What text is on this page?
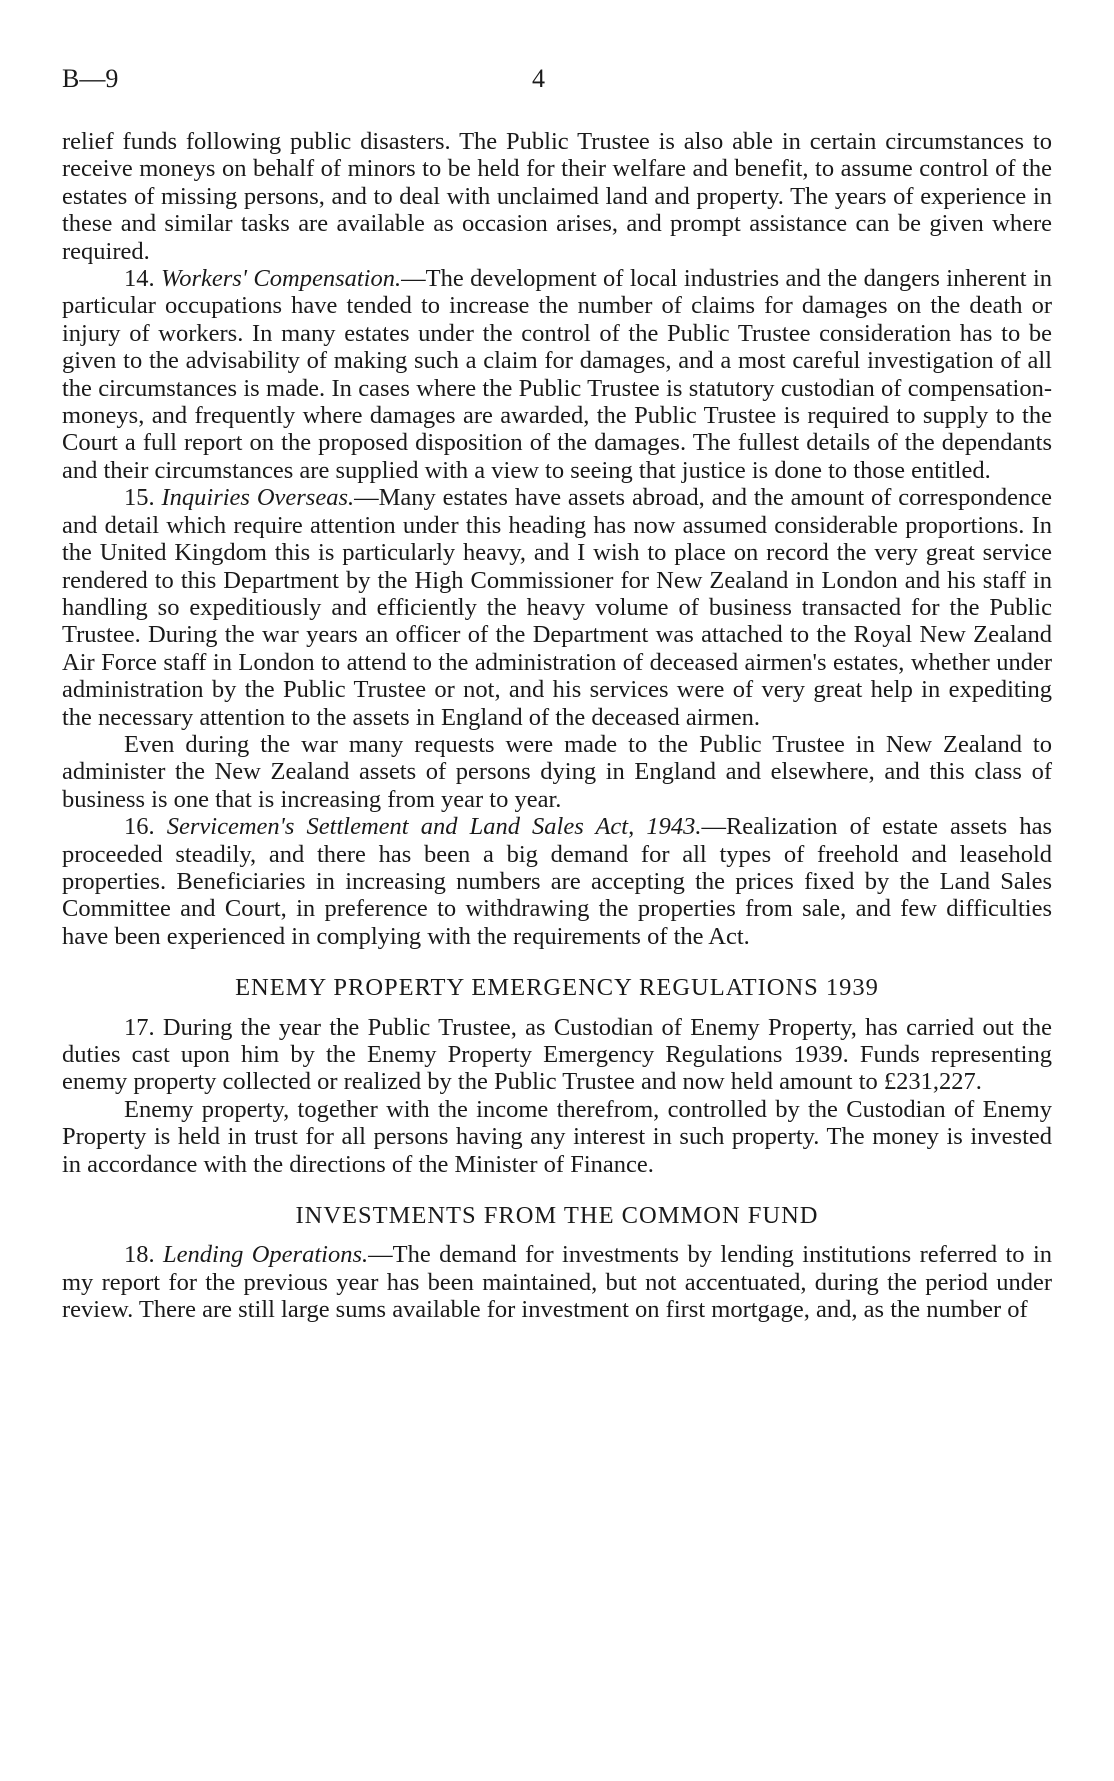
B—9	4

relief funds following public disasters. The Public Trustee is also able in certain circumstances to receive moneys on behalf of minors to be held for their welfare and benefit, to assume control of the estates of missing persons, and to deal with unclaimed land and property. The years of experience in these and similar tasks are available as occasion arises, and prompt assistance can be given where required.

14. Workers' Compensation.—The development of local industries and the dangers inherent in particular occupations have tended to increase the number of claims for damages on the death or injury of workers. In many estates under the control of the Public Trustee consideration has to be given to the advisability of making such a claim for damages, and a most careful investigation of all the circumstances is made. In cases where the Public Trustee is statutory custodian of compensation-moneys, and frequently where damages are awarded, the Public Trustee is required to supply to the Court a full report on the proposed disposition of the damages. The fullest details of the dependants and their circumstances are supplied with a view to seeing that justice is done to those entitled.

15. Inquiries Overseas.—Many estates have assets abroad, and the amount of correspondence and detail which require attention under this heading has now assumed considerable proportions. In the United Kingdom this is particularly heavy, and I wish to place on record the very great service rendered to this Department by the High Commissioner for New Zealand in London and his staff in handling so expeditiously and efficiently the heavy volume of business transacted for the Public Trustee. During the war years an officer of the Department was attached to the Royal New Zealand Air Force staff in London to attend to the administration of deceased airmen's estates, whether under administration by the Public Trustee or not, and his services were of very great help in expediting the necessary attention to the assets in England of the deceased airmen.

Even during the war many requests were made to the Public Trustee in New Zealand to administer the New Zealand assets of persons dying in England and elsewhere, and this class of business is one that is increasing from year to year.

16. Servicemen's Settlement and Land Sales Act, 1943.—Realization of estate assets has proceeded steadily, and there has been a big demand for all types of freehold and leasehold properties. Beneficiaries in increasing numbers are accepting the prices fixed by the Land Sales Committee and Court, in preference to withdrawing the properties from sale, and few difficulties have been experienced in complying with the requirements of the Act.

ENEMY PROPERTY EMERGENCY REGULATIONS 1939

17. During the year the Public Trustee, as Custodian of Enemy Property, has carried out the duties cast upon him by the Enemy Property Emergency Regulations 1939. Funds representing enemy property collected or realized by the Public Trustee and now held amount to £231,227.

Enemy property, together with the income therefrom, controlled by the Custodian of Enemy Property is held in trust for all persons having any interest in such property. The money is invested in accordance with the directions of the Minister of Finance.

INVESTMENTS FROM THE COMMON FUND

18. Lending Operations.—The demand for investments by lending institutions referred to in my report for the previous year has been maintained, but not accentuated, during the period under review. There are still large sums available for investment on first mortgage, and, as the number of
